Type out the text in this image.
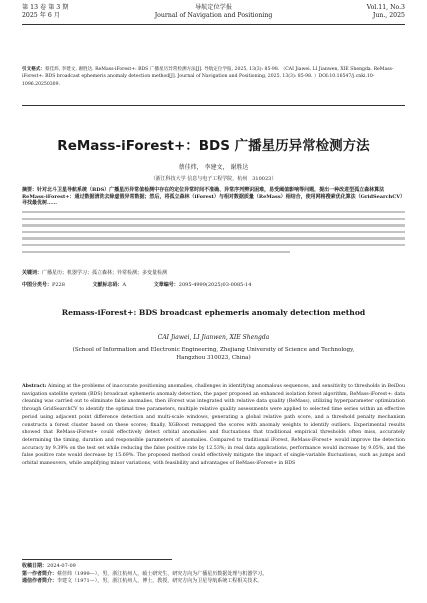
第 13 卷 第 3 期
2025 年 6 月
导航定位学报
Journal of Navigation and Positioning
Vol.11, No.3
Jun., 2025
引文格式：蔡佳炜, 李建文, 谢胜达. ReMass-iForest+: BDS 广播星历异常检测方法[J]. 导航定位学报, 2025, 13(3): 85-98. （CAI Jiawei, LI Jianwen, XIE Shengda. ReMass-iForest+: BDS broadcast ephemeris anomaly detection method[J]. Journal of Navigation and Positioning, 2025, 13(3): 85-98. ）DOI:10.16547/j.cnki.10-1096.20250309.
ReMass-iForest+：BDS 广播星历异常检测方法
蔡佳炜， 李建文， 谢胜达
（浙江科技大学 信息与电子工程学院，杭州　310023）
摘要：针对北斗卫星导航系统（BDS）广播星历异常值检测中存在的定位异常时间不准确、异常序列辨识困难，易受阈值影响等问题，提出一种改进型孤立森林算法 ReMass-iForest+：通过数据清洗去除虚假异常数据；然后，将孤立森林（iForest）与相对数据质量（ReMass）相结合，使用网格搜索优化算法（GridSearchCV）寻找最优树……
关键词：广播星历；机器学习；孤立森林；异常检测；多变量检测
中图分类号：P228	文献标志码：A	文章编号：2095-4999(2025)03-0085-14
Remass-iForest+: BDS broadcast ephemeris anomaly detection method
CAI Jiawei, LI Jianwen, XIE Shengda
(School of Information and Electronic Engineering, Zhejiang University of Science and Technology,
Hangzhou 310023, China)
Abstract: Aiming at the problems of inaccurate positioning anomalies, challenges in identifying anomalous sequences, and sensitivity to thresholds in BeiDou navigation satellite system (BDS) broadcast ephemeris anomaly detection, the paper proposed an enhanced isolation forest algorithm, ReMass-iForest+: data cleaning was carried out to eliminate false anomalies, then iForest was integrated with relative data quality (ReMass), utilizing hyperparameter optimization through GridSearchCV to identify the optimal tree parameters, multiple relative quality assessments were applied to selected time series within an effective period using adjacent point difference detection and multi-scale windows, generating a global relative path score, and a threshold penalty mechanism constructs a forest cluster based on these scores; finally, XGBoost remapped the scores with anomaly weights to identify outliers. Experimental results showed that ReMass-iForest+ could effectively detect orbital anomalies and fluctuations that traditional empirical thresholds often miss, accurately determining the timing, duration and responsible parameters of anomalies. Compared to traditional iForest, ReMass-iForest+ would improve the detection accuracy by 9.39% on the test set while reducing the false positive rate by 12.53%; in real data applications, performance would increase by 9.05%, and the false positive rate would decrease by 15.69%. The proposed method could effectively mitigate the impact of single-variable fluctuations, such as jumps and orbital maneuvers, while amplifying minor variations, with feasibility and advantages of ReMass-iForest+ in BDS
收稿日期：2024-07-09
第一作者简介：蔡佳炜（1999—），男，浙江杭州人，硕士研究生，研究方向为广播星历数据处理与机器学习。
通信作者简介：李建文（1971—），男，浙江杭州人，博士，教授，研究方向为卫星导航系统工程相关技术。
